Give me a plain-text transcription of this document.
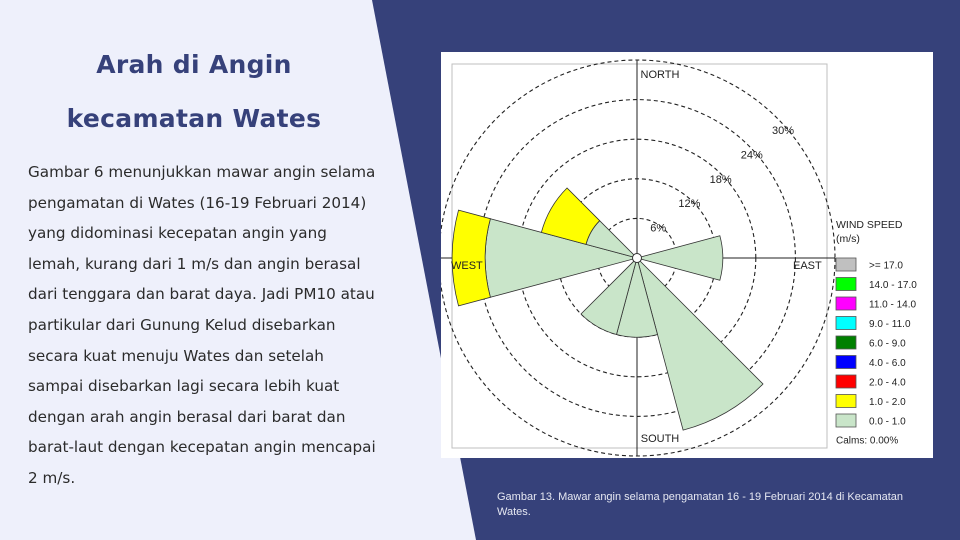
Arah di Angin kecamatan Wates

Gambar 6 menunjukkan mawar angin selama pengamatan di Wates (16-19 Februari 2014) yang didominasi kecepatan angin yang lemah, kurang dari 1 m/s dan angin berasal dari tenggara dan barat daya. Jadi PM10 atau partikular dari Gunung Kelud disebarkan secara kuat menuju Wates dan setelah sampai disebarkan lagi secara lebih kuat dengan arah angin berasal dari barat dan barat-laut dengan kecepatan angin mencapai 2 m/s.

NORTH
SOUTH
EAST
WEST
6%
12%
18%
24%
30%
WIND SPEED
(m/s)
>= 17.0
14.0 - 17.0
11.0 - 14.0
9.0 - 11.0
6.0 - 9.0
4.0 - 6.0
2.0 - 4.0
1.0 - 2.0
0.0 - 1.0
Calms: 0.00%

Gambar 13. Mawar angin selama pengamatan 16 - 19 Februari 2014 di Kecamatan Wates.
